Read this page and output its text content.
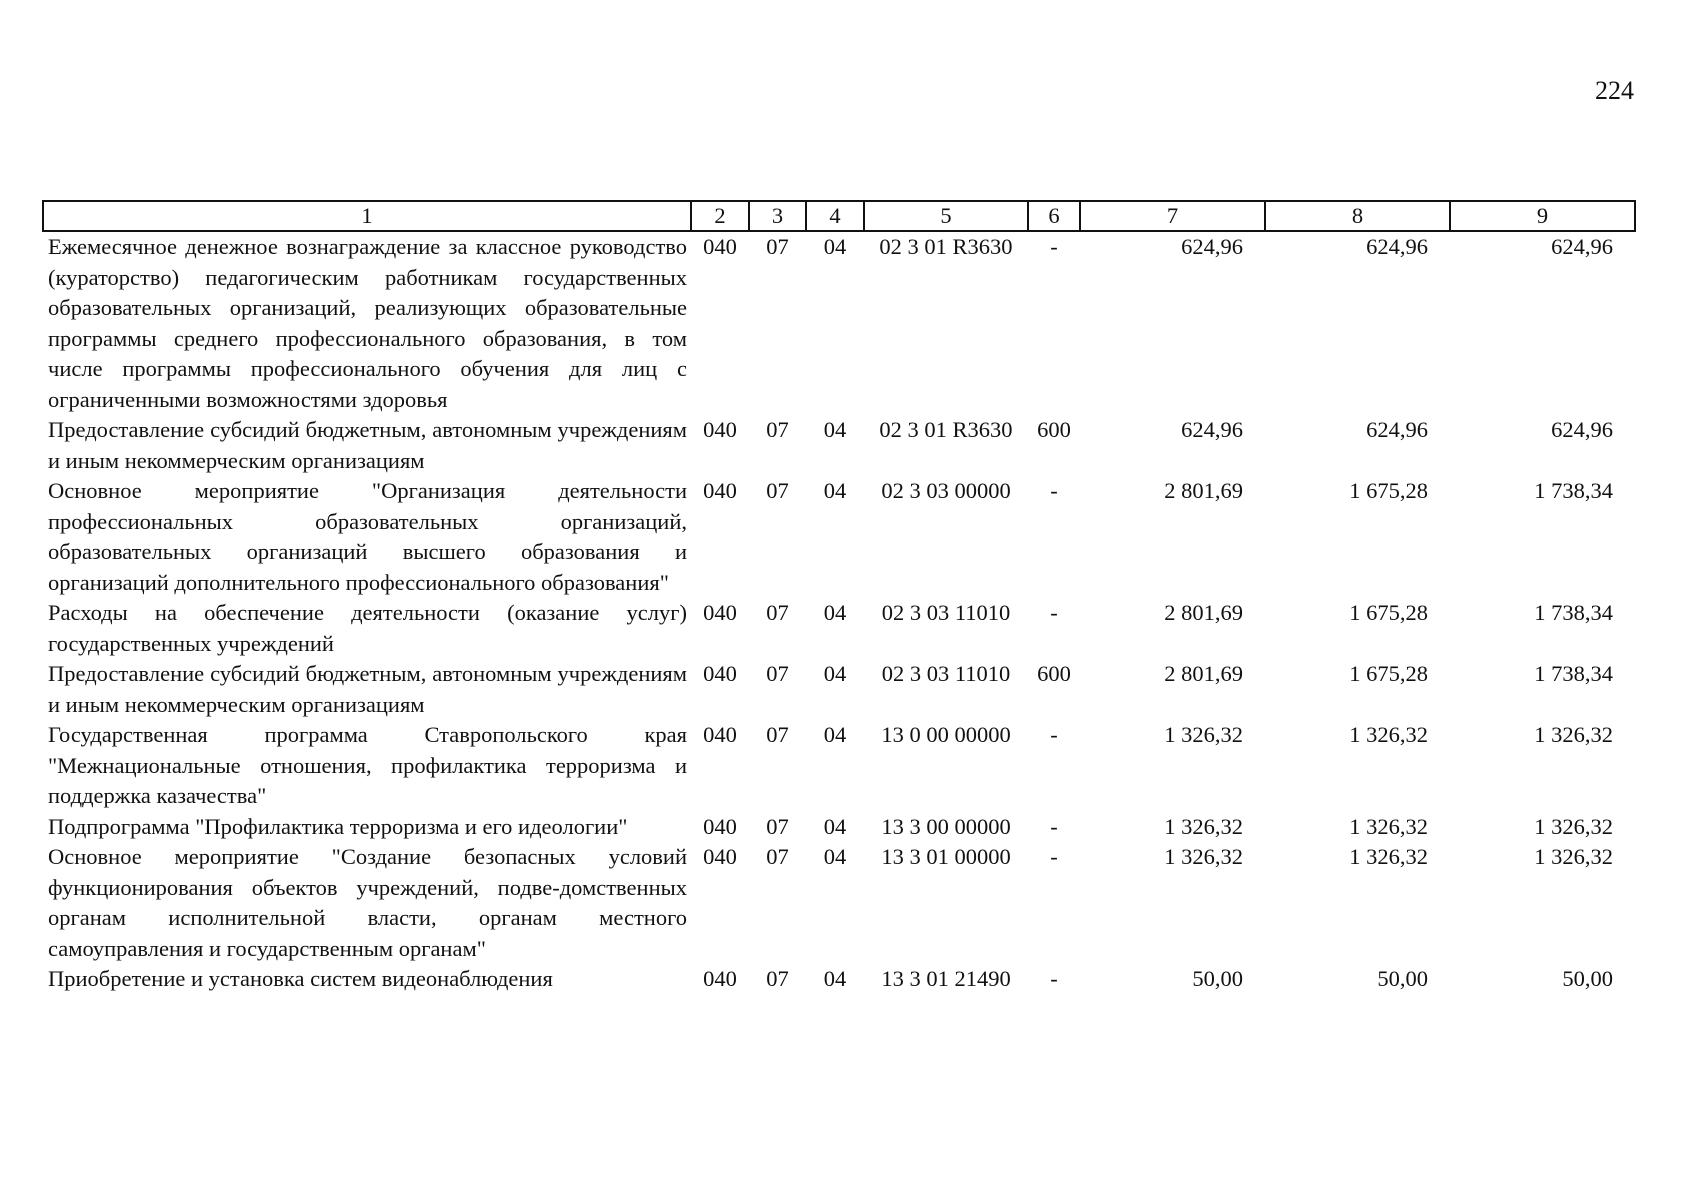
224
1	2	3	4	5	6	7	8	9
Ежемесячное денежное вознаграждение за классное руководство (кураторство) педагогическим работникам государственных образовательных организаций, реализующих образовательные программы среднего профессионального образования, в том числе программы профессионального обучения для лиц с ограниченными возможностями здоровья	040	07	04	02 3 01 R3630	-	624,96	624,96	624,96
Предоставление субсидий бюджетным, автономным учреждениям и иным некоммерческим организациям	040	07	04	02 3 01 R3630	600	624,96	624,96	624,96
Основное мероприятие "Организация деятельности профессиональных образовательных организаций, образовательных организаций высшего образования и организаций дополнительного профессионального образования"	040	07	04	02 3 03 00000	-	2 801,69	1 675,28	1 738,34
Расходы на обеспечение деятельности (оказание услуг) государственных учреждений	040	07	04	02 3 03 11010	-	2 801,69	1 675,28	1 738,34
Предоставление субсидий бюджетным, автономным учреждениям и иным некоммерческим организациям	040	07	04	02 3 03 11010	600	2 801,69	1 675,28	1 738,34
Государственная программа Ставропольского края "Межнациональные отношения, профилактика терроризма и поддержка казачества"	040	07	04	13 0 00 00000	-	1 326,32	1 326,32	1 326,32
Подпрограмма "Профилактика терроризма и его идеологии"	040	07	04	13 3 00 00000	-	1 326,32	1 326,32	1 326,32
Основное мероприятие "Создание безопасных условий функционирования объектов учреждений, подве-домственных органам исполнительной власти, органам местного самоуправления и государственным органам"	040	07	04	13 3 01 00000	-	1 326,32	1 326,32	1 326,32
Приобретение и установка систем видеонаблюдения	040	07	04	13 3 01 21490	-	50,00	50,00	50,00
